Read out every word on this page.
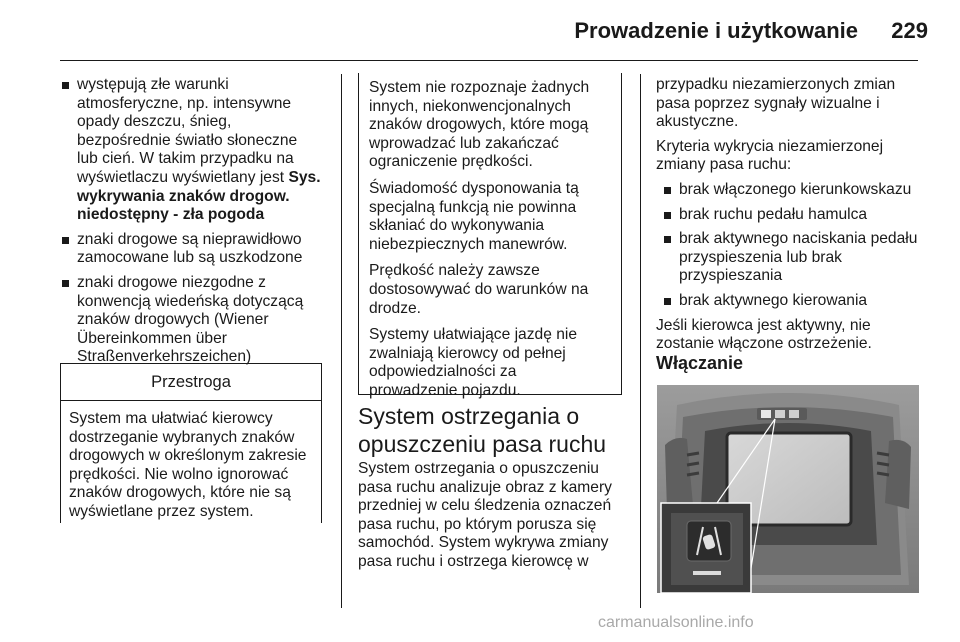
Prowadzenie i użytkowanie	229
występują złe warunki
atmosferyczne, np. intensywne
opady deszczu, śnieg,
bezpośrednie światło słoneczne
lub cień. W takim przypadku na
wyświetlaczu wyświetlany jest Sys.
wykrywania znaków drogow.
niedostępny - zła pogoda
znaki drogowe są nieprawidłowo
zamocowane lub są uszkodzone
znaki drogowe niezgodne z
konwencją wiedeńską dotyczącą
znaków drogowych (Wiener
Übereinkommen über
Straßenverkehrszeichen)
Przestroga
System ma ułatwiać kierowcy
dostrzeganie wybranych znaków
drogowych w określonym zakresie
prędkości. Nie wolno ignorować
znaków drogowych, które nie są
wyświetlane przez system.

System nie rozpoznaje żadnych
innych, niekonwencjonalnych
znaków drogowych, które mogą
wprowadzać lub zakańczać
ograniczenie prędkości.

Świadomość dysponowania tą
specjalną funkcją nie powinna
skłaniać do wykonywania
niebezpiecznych manewrów.

Prędkość należy zawsze
dostosowywać do warunków na
drodze.

Systemy ułatwiające jazdę nie
zwalniają kierowcy od pełnej
odpowiedzialności za
prowadzenie pojazdu.

System ostrzegania o
opuszczeniu pasa ruchu
System ostrzegania o opuszczeniu
pasa ruchu analizuje obraz z kamery
przedniej w celu śledzenia oznaczeń
pasa ruchu, po którym porusza się
samochód. System wykrywa zmiany
pasa ruchu i ostrzega kierowcę w

przypadku niezamierzonych zmian
pasa poprzez sygnały wizualne i
akustyczne.

Kryteria wykrycia niezamierzonej
zmiany pasa ruchu:

brak włączonego kierunkowskazu
brak ruchu pedału hamulca
brak aktywnego naciskania pedału
przyspieszenia lub brak
przyspieszania
brak aktywnego kierowania

Jeśli kierowca jest aktywny, nie
zostanie włączone ostrzeżenie.

Włączanie
carmanualsonline.info
